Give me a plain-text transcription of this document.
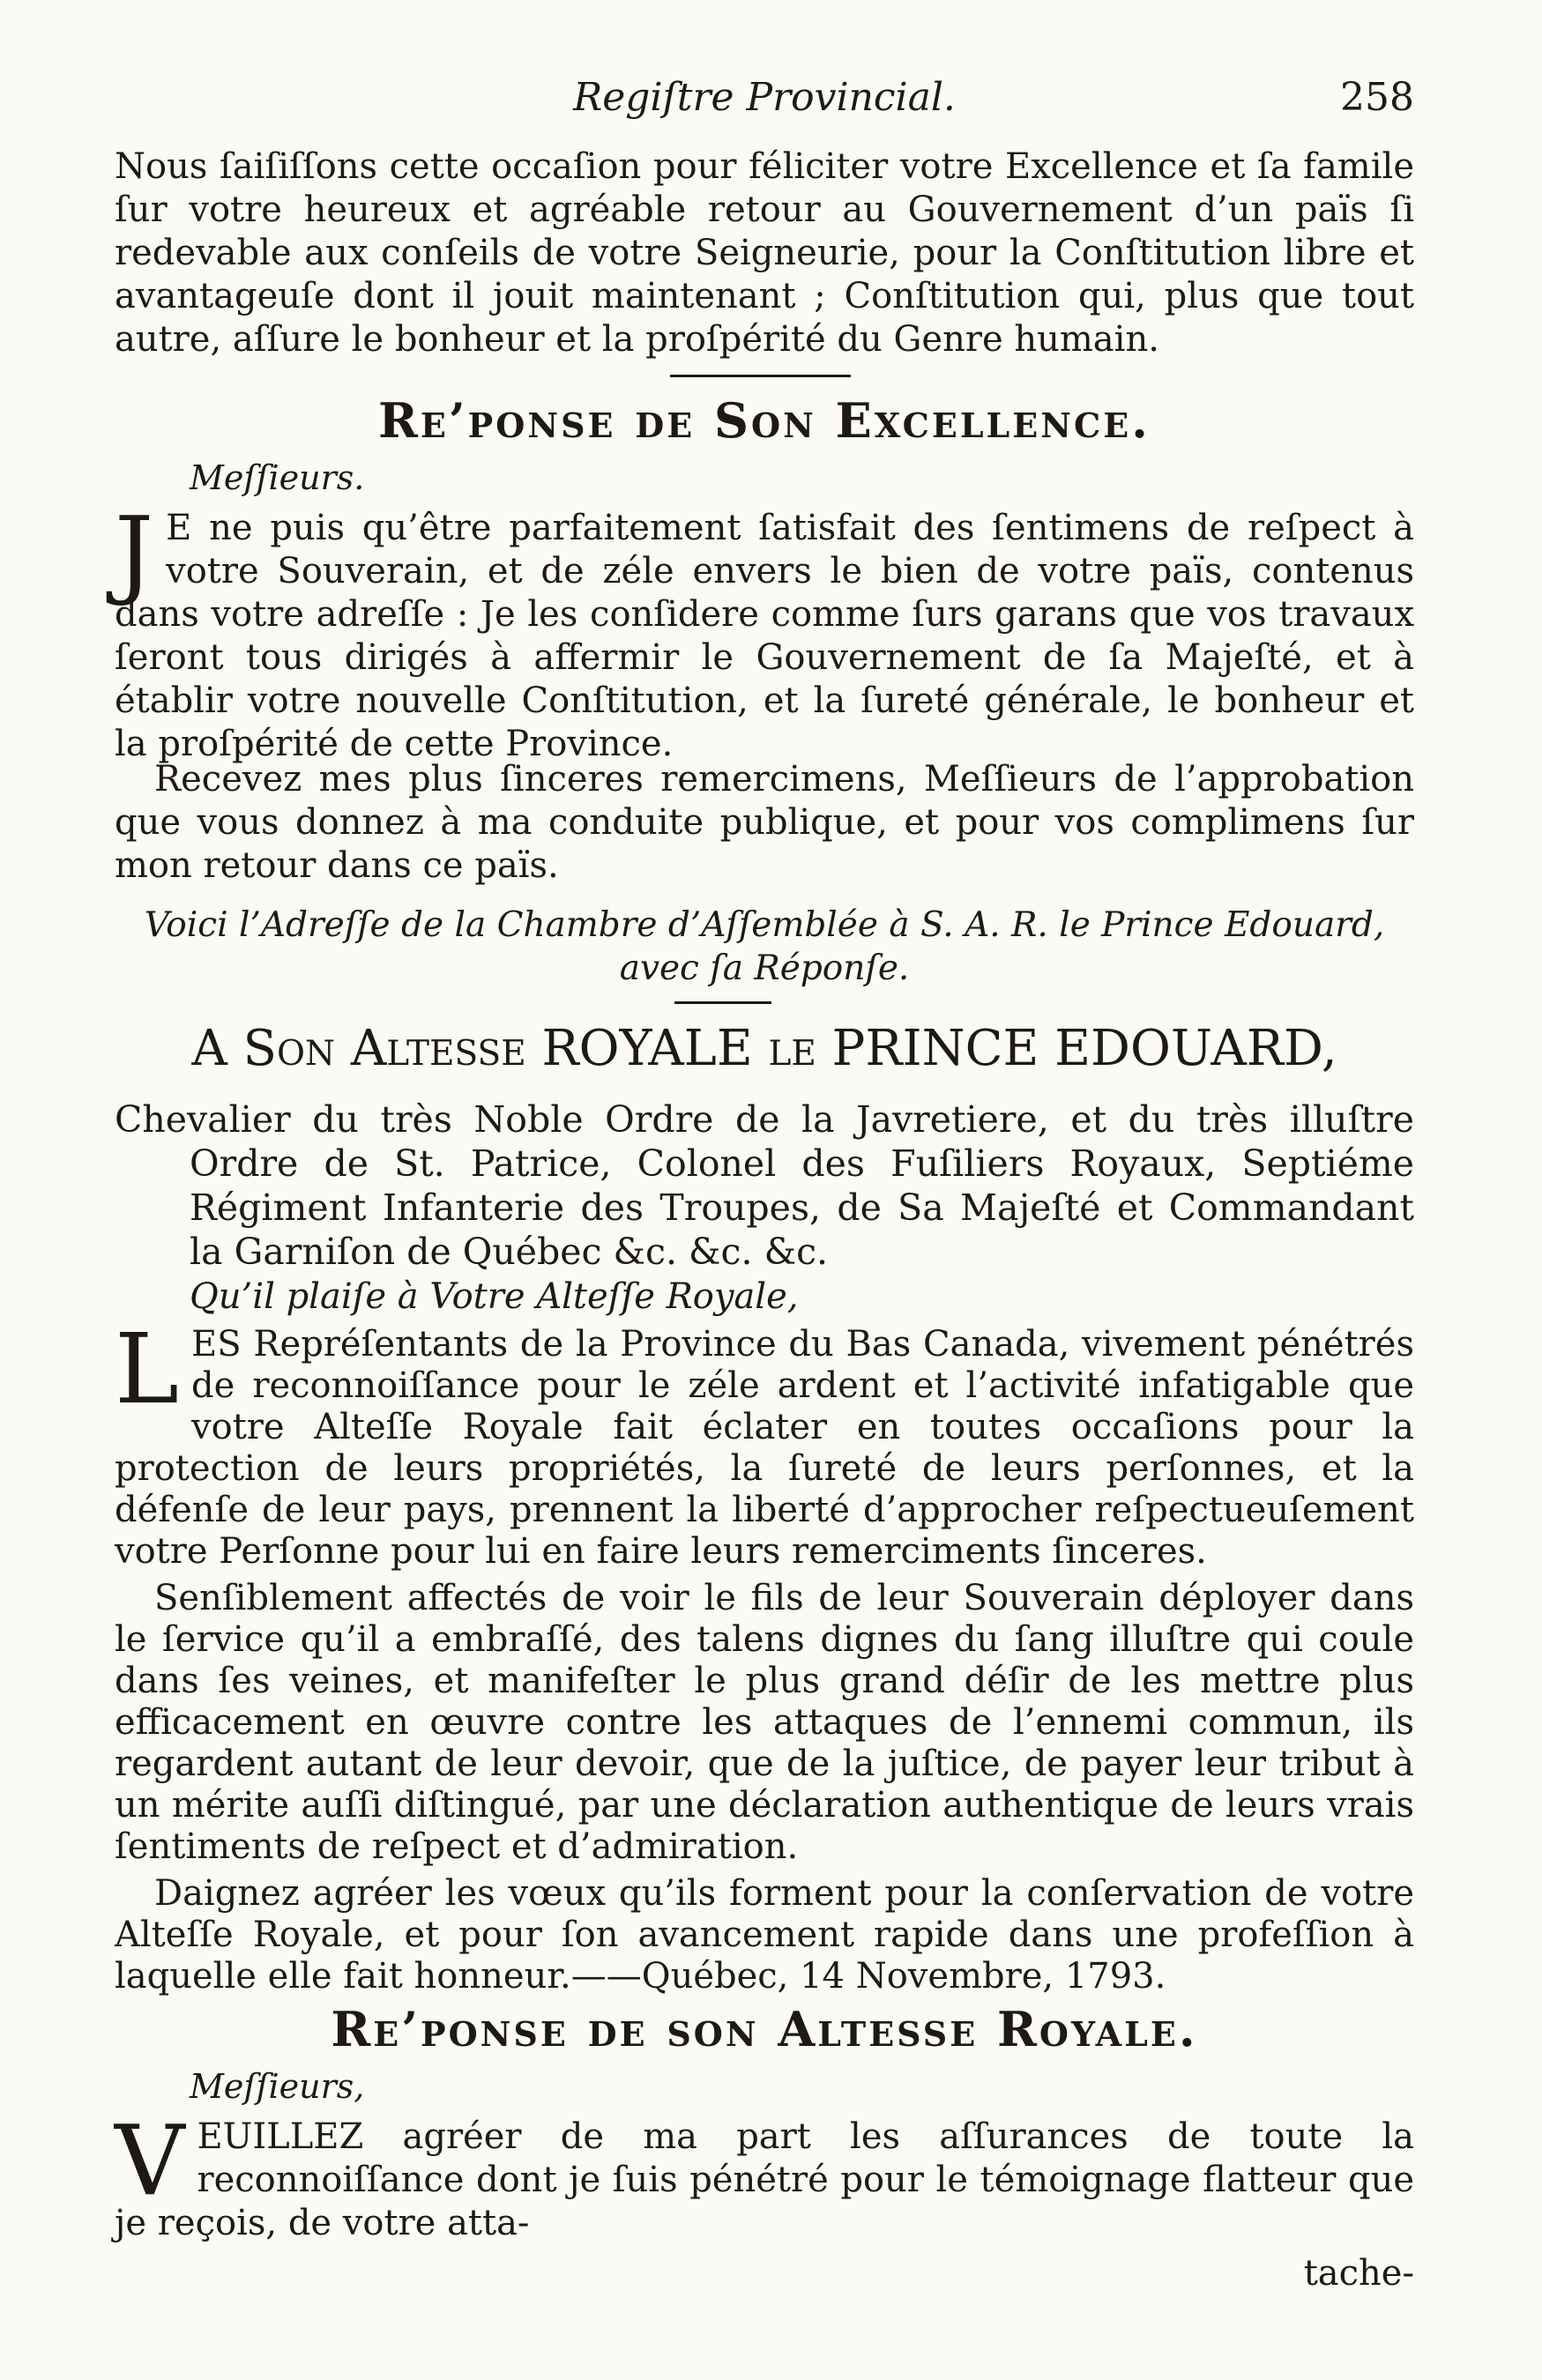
Regiſtre Provincial.	258

Nous ſaiſiſſons cette occaſion pour féliciter votre Excellence et ſa famile ſur votre heureux et agréable retour au Gouvernement d’un païs ſi redevable aux conſeils de votre Seigneurie, pour la Conſtitution libre et avantageuſe dont il jouit maintenant ; Conſtitution qui, plus que tout autre, aſſure le bonheur et la proſpérité du Genre humain.

Re’ponse de Son Excellence.

Meſſieurs.

J E ne puis qu’être parfaitement ſatisfait des ſentimens de reſpect à votre Souverain, et de zéle envers le bien de votre païs, contenus dans votre adreſſe : Je les conſidere comme ſurs garans que vos travaux ſeront tous dirigés à affermir le Gouvernement de ſa Majeſté, et à établir votre nouvelle Conſtitution, et la ſureté générale, le bonheur et la proſpérité de cette Province.

Recevez mes plus ſinceres remercimens, Meſſieurs de l’approbation que vous donnez à ma conduite publique, et pour vos complimens ſur mon retour dans ce païs.

Voici l’Adreſſe de la Chambre d’Aſſemblée à S. A. R. le Prince Edouard, avec ſa Réponſe.

A Son Altesse ROYALE le PRINCE EDOUARD,

Chevalier du très Noble Ordre de la Javretiere, et du très illuſtre Ordre de St. Patrice, Colonel des Fuſiliers Royaux, Septiéme Régiment Infanterie des Troupes, de Sa Majeſté et Commandant la Garniſon de Québec &c. &c. &c.

Qu’il plaiſe à Votre Alteſſe Royale,

L ES Repréſentants de la Province du Bas Canada, vivement pénétrés de reconnoiſſance pour le zéle ardent et l’activité infatigable que votre Alteſſe Royale fait éclater en toutes occaſions pour la protection de leurs propriétés, la ſureté de leurs perſonnes, et la défenſe de leur pays, prennent la liberté d’approcher reſpectueuſement votre Perſonne pour lui en faire leurs remerciments ſinceres.

Senſiblement affectés de voir le fils de leur Souverain déployer dans le ſervice qu’il a embraſſé, des talens dignes du ſang illuſtre qui coule dans ſes veines, et manifeſter le plus grand déſir de les mettre plus efficacement en œuvre contre les attaques de l’ennemi commun, ils regardent autant de leur devoir, que de la juſtice, de payer leur tribut à un mérite auſſi diſtingué, par une déclaration authentique de leurs vrais ſentiments de reſpect et d’admiration.

Daignez agréer les vœux qu’ils forment pour la conſervation de votre Alteſſe Royale, et pour ſon avancement rapide dans une profeſſion à laquelle elle fait honneur.——Québec, 14 Novembre, 1793.

Re’ponse de son Altesse Royale.

Meſſieurs,

V EUILLEZ agréer de ma part les aſſurances de toute la reconnoiſſance dont je ſuis pénétré pour le témoignage flatteur que je reçois, de votre atta-

tache-
